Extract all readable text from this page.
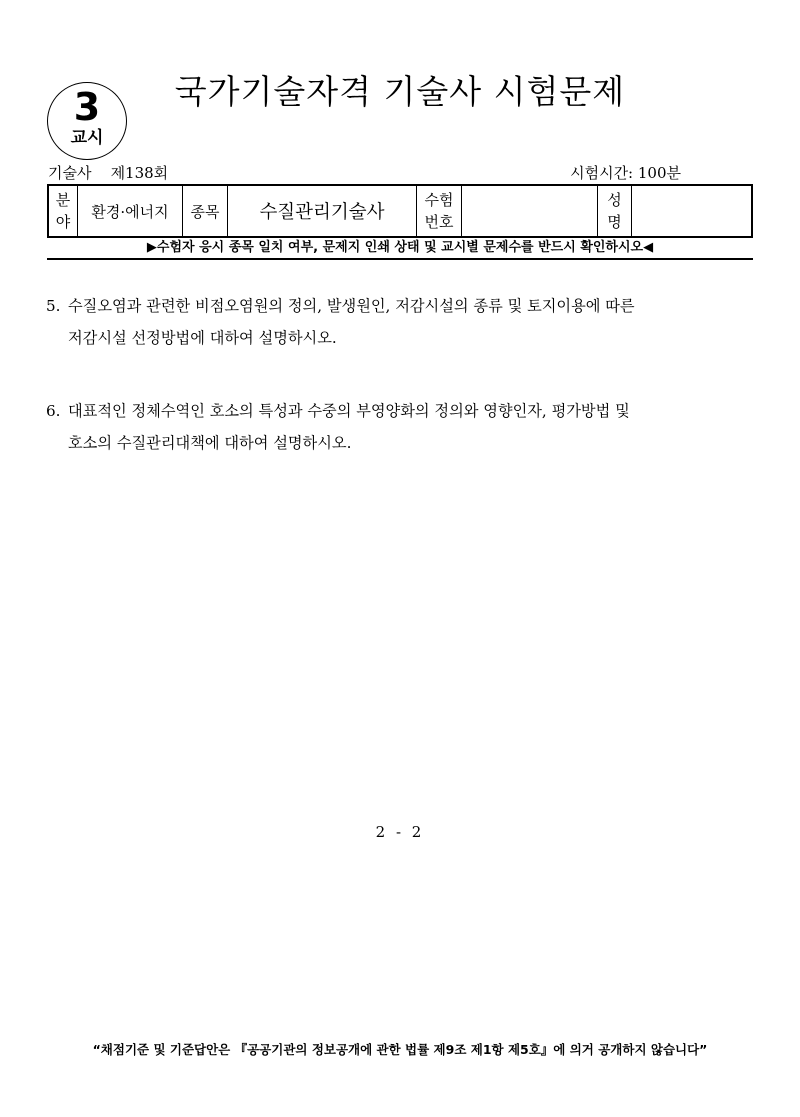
3
교시
국가기술자격 기술사 시험문제
기술사 제138회	시험시간: 100분
분
야
환경·에너지 종목 수질관리기술사
수험
번호
성
명
▶수험자 응시 종목 일치 여부, 문제지 인쇄 상태 및 교시별 문제수를 반드시 확인하시오◀
5. 수질오염과 관련한 비점오염원의 정의, 발생원인, 저감시설의 종류 및 토지이용에 따른
저감시설 선정방법에 대하여 설명하시오.
6. 대표적인 정체수역인 호소의 특성과 수중의 부영양화의 정의와 영향인자, 평가방법 및
호소의 수질관리대책에 대하여 설명하시오.
2 - 2
“채점기준 및 기준답안은 『공공기관의 정보공개에 관한 법률 제9조 제1항 제5호』에 의거 공개하지 않습니다”
